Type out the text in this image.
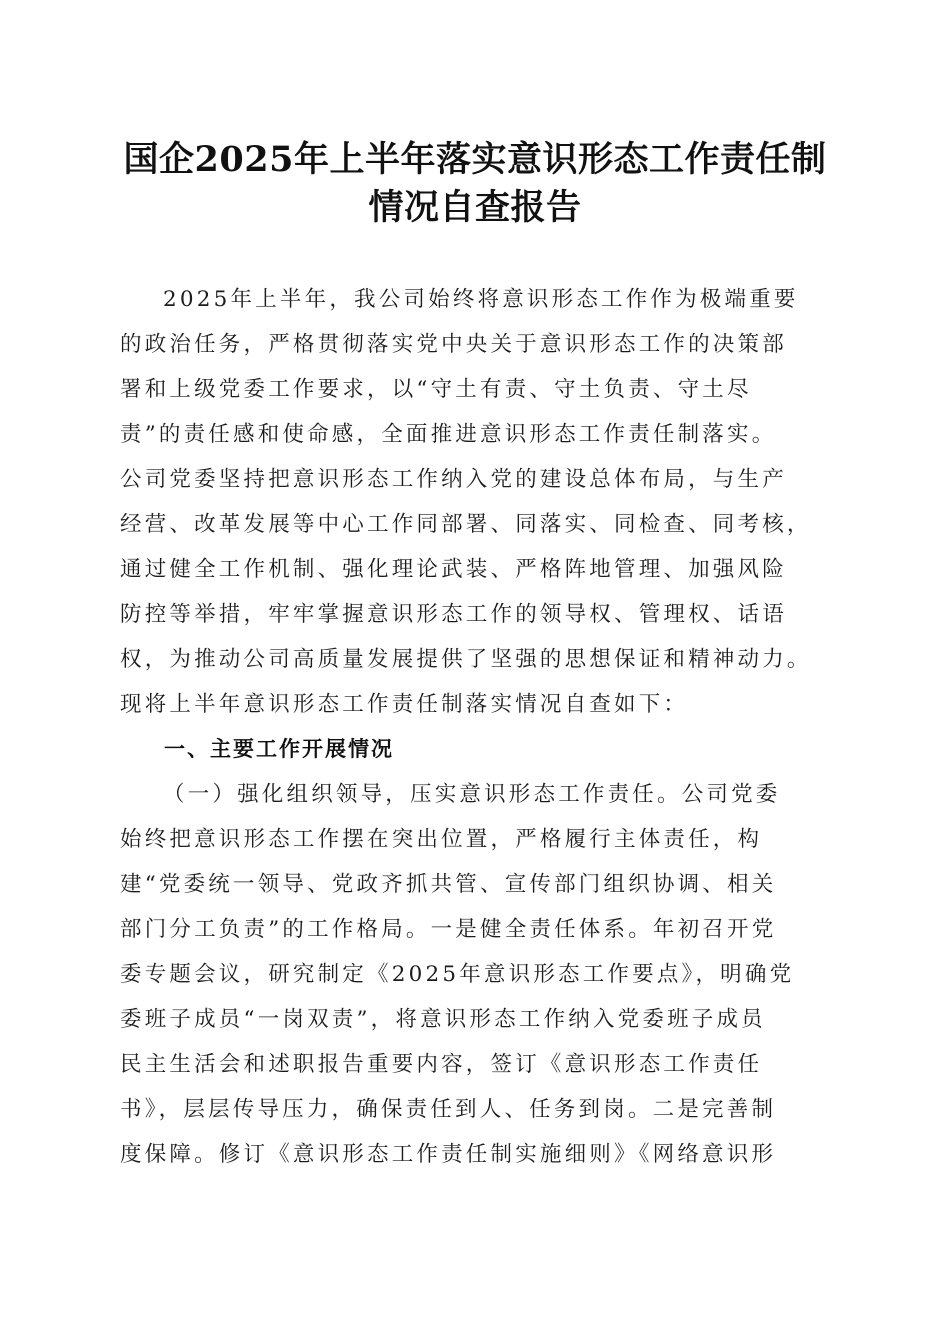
国企2025年上半年落实意识形态工作责任制
情况自查报告
2025年上半年，我公司始终将意识形态工作作为极端重要
的政治任务，严格贯彻落实党中央关于意识形态工作的决策部
署和上级党委工作要求，以“守土有责、守土负责、守土尽
责”的责任感和使命感，全面推进意识形态工作责任制落实。
公司党委坚持把意识形态工作纳入党的建设总体布局，与生产
经营、改革发展等中心工作同部署、同落实、同检查、同考核，
通过健全工作机制、强化理论武装、严格阵地管理、加强风险
防控等举措，牢牢掌握意识形态工作的领导权、管理权、话语
权，为推动公司高质量发展提供了坚强的思想保证和精神动力。
现将上半年意识形态工作责任制落实情况自查如下：
一、主要工作开展情况
（一）强化组织领导，压实意识形态工作责任。公司党委
始终把意识形态工作摆在突出位置，严格履行主体责任，构
建“党委统一领导、党政齐抓共管、宣传部门组织协调、相关
部门分工负责”的工作格局。一是健全责任体系。年初召开党
委专题会议，研究制定《2025年意识形态工作要点》，明确党
委班子成员“一岗双责”，将意识形态工作纳入党委班子成员
民主生活会和述职报告重要内容，签订《意识形态工作责任
书》，层层传导压力，确保责任到人、任务到岗。二是完善制
度保障。修订《意识形态工作责任制实施细则》《网络意识形
